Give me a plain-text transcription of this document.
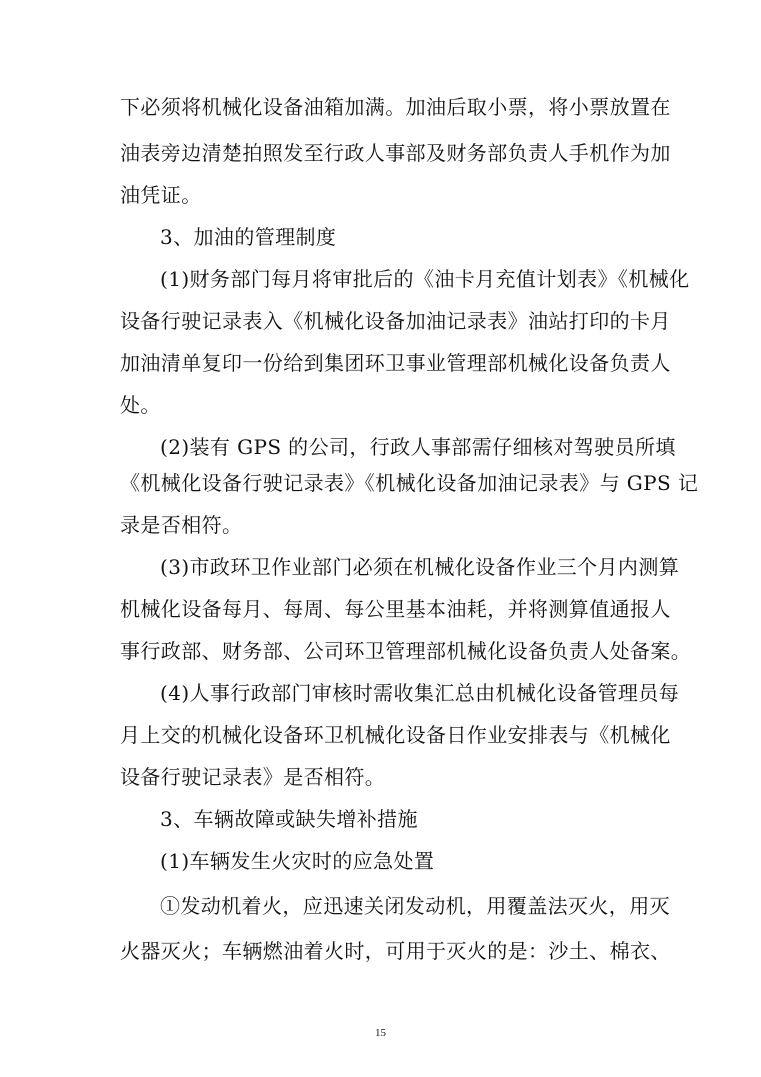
下必须将机械化设备油箱加满。加油后取小票，将小票放置在
油表旁边清楚拍照发至行政人事部及财务部负责人手机作为加
油凭证。
3、加油的管理制度
(1)财务部门每月将审批后的《油卡月充值计划表》《机械化
设备行驶记录表入《机械化设备加油记录表》油站打印的卡月
加油清单复印一份给到集团环卫事业管理部机械化设备负责人
处。
(2)装有 GPS 的公司，行政人事部需仔细核对驾驶员所填
《机械化设备行驶记录表》《机械化设备加油记录表》与 GPS 记
录是否相符。
(3)市政环卫作业部门必须在机械化设备作业三个月内测算
机械化设备每月、每周、每公里基本油耗，并将测算值通报人
事行政部、财务部、公司环卫管理部机械化设备负责人处备案。
(4)人事行政部门审核时需收集汇总由机械化设备管理员每
月上交的机械化设备环卫机械化设备日作业安排表与《机械化
设备行驶记录表》是否相符。
3、车辆故障或缺失增补措施
(1)车辆发生火灾时的应急处置
①发动机着火，应迅速关闭发动机，用覆盖法灭火，用灭
火器灭火；车辆燃油着火时，可用于灭火的是：沙土、棉衣、
15
